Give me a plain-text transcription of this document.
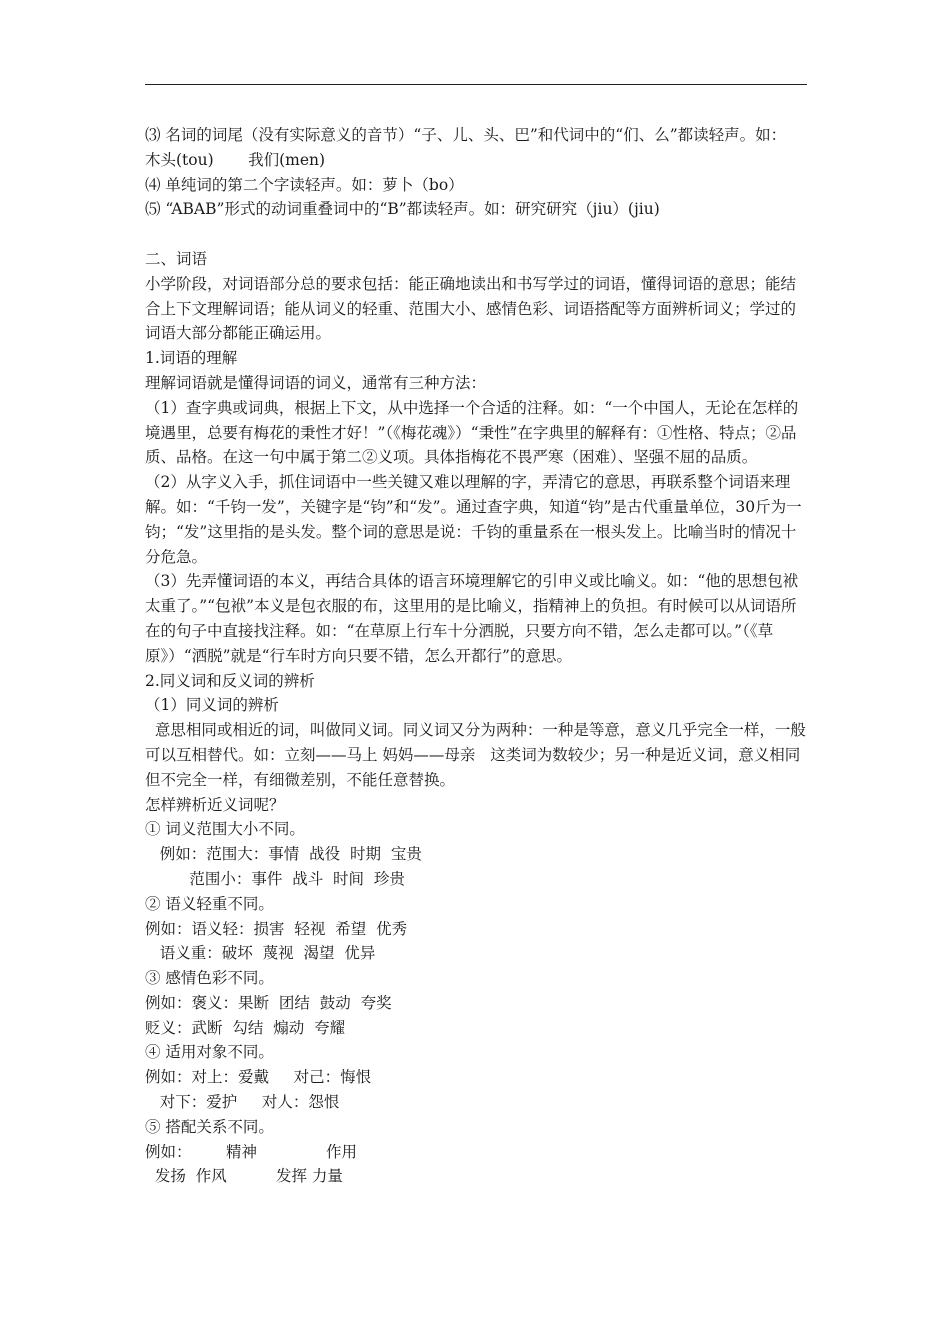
⑶ 名词的词尾（没有实际意义的音节）“子、儿、头、巴”和代词中的“们、么”都读轻声。如：

木头(tou)       我们(men)

⑷ 单纯词的第二个字读轻声。如：萝卜（bo）

⑸ “ABAB”形式的动词重叠词中的“B”都读轻声。如：研究研究（jiu）(jiu)

二、词语

小学阶段，对词语部分总的要求包括：能正确地读出和书写学过的词语，懂得词语的意思；能结合上下文理解词语；能从词义的轻重、范围大小、感情色彩、词语搭配等方面辨析词义；学过的词语大部分都能正确运用。

1.词语的理解

理解词语就是懂得词语的词义，通常有三种方法：

（1）查字典或词典，根据上下文，从中选择一个合适的注释。如：“一个中国人，无论在怎样的境遇里，总要有梅花的秉性才好！”（《梅花魂》）“秉性”在字典里的解释有：①性格、特点；②品质、品格。在这一句中属于第二②义项。具体指梅花不畏严寒（困难）、坚强不屈的品质。

（2）从字义入手，抓住词语中一些关键又难以理解的字，弄清它的意思，再联系整个词语来理解。如：“千钧一发”，关键字是“钧”和“发”。通过查字典，知道“钧”是古代重量单位，30斤为一钧；“发”这里指的是头发。整个词的意思是说：千钧的重量系在一根头发上。比喻当时的情况十分危急。

（3）先弄懂词语的本义，再结合具体的语言环境理解它的引申义或比喻义。如：“他的思想包袱太重了。”“包袱”本义是包衣服的布，这里用的是比喻义，指精神上的负担。有时候可以从词语所在的句子中直接找注释。如：“在草原上行车十分洒脱，只要方向不错，怎么走都可以。”（《草原》）“洒脱”就是“行车时方向只要不错，怎么开都行”的意思。

2.同义词和反义词的辨析

（1）同义词的辨析

意思相同或相近的词，叫做同义词。同义词又分为两种：一种是等意，意义几乎完全一样，一般可以互相替代。如：立刻——马上 妈妈——母亲   这类词为数较少；另一种是近义词，意义相同但不完全一样，有细微差别，不能任意替换。

怎样辨析近义词呢？

① 词义范围大小不同。

例如：范围大：事情  战役  时期  宝贵

范围小：事件  战斗  时间  珍贵

② 语义轻重不同。

例如：语义轻：损害  轻视  希望  优秀

语义重：破坏  蔑视  渴望  优异

③ 感情色彩不同。

例如：褒义：果断  团结  鼓动  夸奖

贬义：武断  勾结  煽动  夸耀

④ 适用对象不同。

例如：对上：爱戴     对己：悔恨

对下：爱护     对人：怨恨

⑤ 搭配关系不同。

例如：       精神              作用

发扬  作风          发挥 力量
